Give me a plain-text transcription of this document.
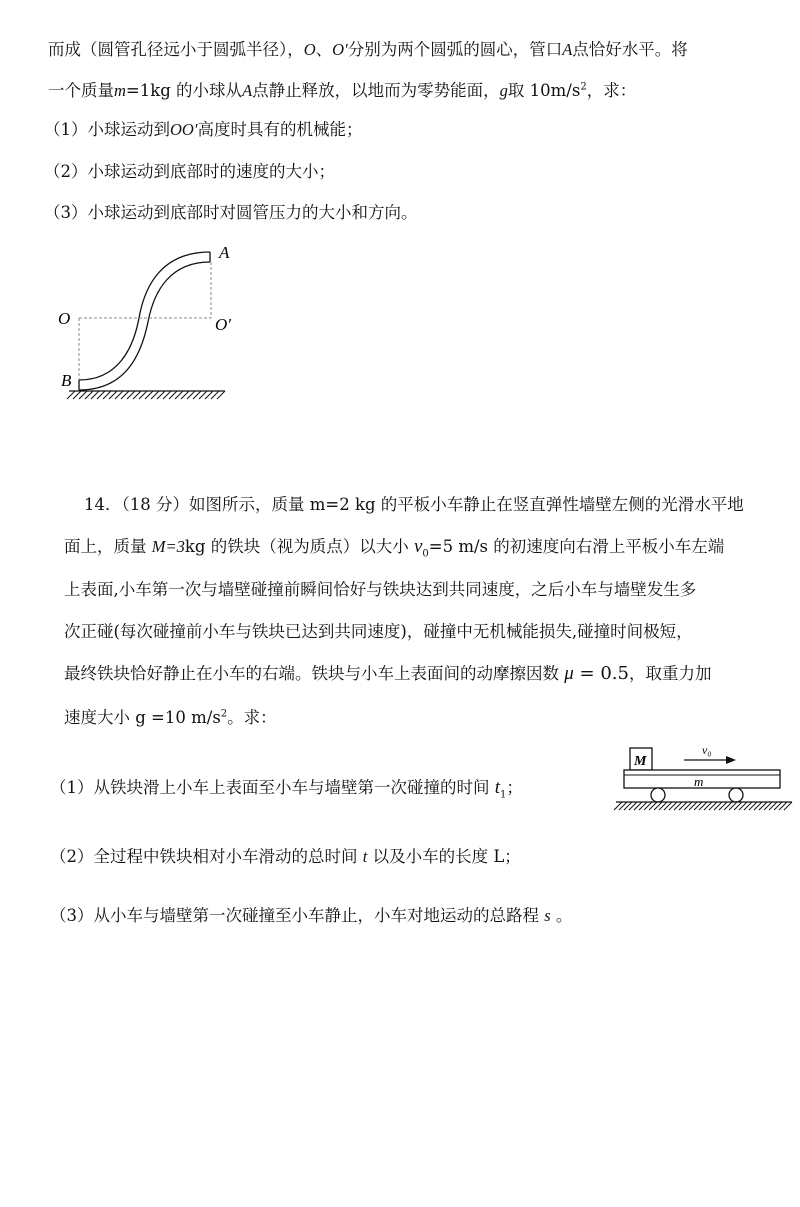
而成（圆管孔径远小于圆弧半径），O、O′分别为两个圆弧的圆心，管口A点恰好水平。将
一个质量m=1kg 的小球从A点静止释放，以地而为零势能面，g取 $10m/s^2$，求：
（1）小球运动到OO′高度时具有的机械能；
（2）小球运动到底部时的速度的大小；
（3）小球运动到底部时对圆管压力的大小和方向。
A
O	O′
B
14．（18 分）如图所示，质量 m=2 kg 的平板小车静止在竖直弹性墙壁左侧的光滑水平地
面上，质量 M=3kg 的铁块（视为质点）以大小 $v_0=5$ m/s 的初速度向右滑上平板小车左端
上表面,小车第一次与墙壁碰撞前瞬间恰好与铁块达到共同速度，之后小车与墙壁发生多
次正碰(每次碰撞前小车与铁块已达到共同速度)，碰撞中无机械能损失,碰撞时间极短，
最终铁块恰好静止在小车的右端。铁块与小车上表面间的动摩擦因数 μ = 0.5，取重力加
速度大小 g =10 $m/s^2$。求：
（1）从铁块滑上小车上表面至小车与墙壁第一次碰撞的时间 $t_1$；
（2）全过程中铁块相对小车滑动的总时间 t 以及小车的长度 L；
（3）从小车与墙壁第一次碰撞至小车静止，小车对地运动的总路程 s 。
M
v₀
m
